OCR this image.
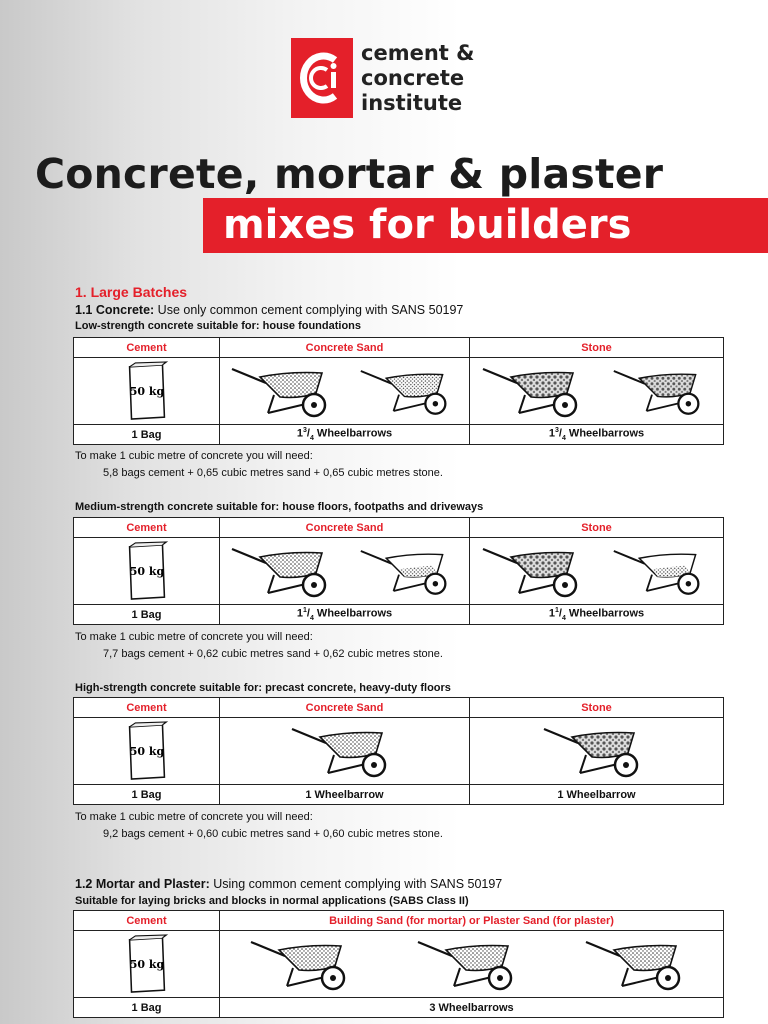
cement &
concrete
institute
Concrete, mortar & plaster
mixes for builders
1. Large Batches
1.1 Concrete: Use only common cement complying with SANS 50197
Low-strength concrete suitable for: house foundations
Cement	Concrete Sand	Stone

50 kg

1 Bag	$1^3/_4$ Wheelbarrows	$1^3/_4$ Wheelbarrows
To make 1 cubic metre of concrete you will need:
5,8 bags cement + 0,65 cubic metres sand + 0,65 cubic metres stone.
Medium-strength concrete suitable for: house floors, footpaths and driveways
Cement	Concrete Sand	Stone

50 kg

1 Bag	$1^1/_4$ Wheelbarrows	$1^1/_4$ Wheelbarrows
To make 1 cubic metre of concrete you will need:
7,7 bags cement + 0,62 cubic metres sand + 0,62 cubic metres stone.
High-strength concrete suitable for: precast concrete, heavy-duty floors
Cement	Concrete Sand	Stone

50 kg

1 Bag	1 Wheelbarrow	1 Wheelbarrow
To make 1 cubic metre of concrete you will need:
9,2 bags cement + 0,60 cubic metres sand + 0,60 cubic metres stone.
1.2 Mortar and Plaster: Using common cement complying with SANS 50197
Suitable for laying bricks and blocks in normal applications (SABS Class II)
Cement	Building Sand (for mortar) or Plaster Sand (for plaster)

50 kg

1 Bag	3 Wheelbarrows
